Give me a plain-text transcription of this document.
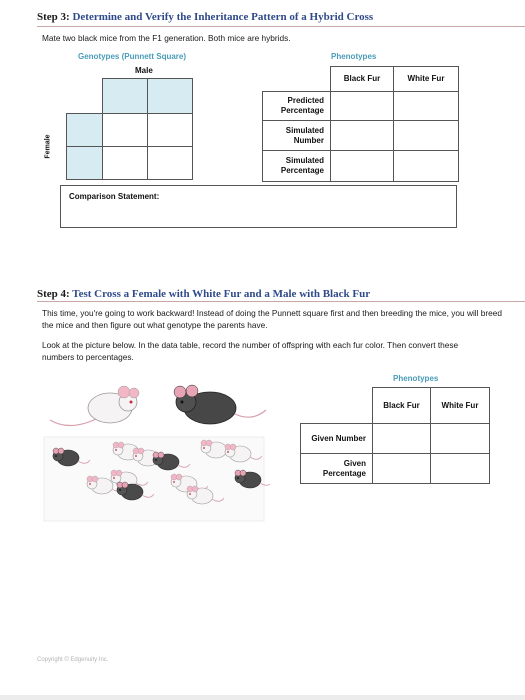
Step 3: Determine and Verify the Inheritance Pattern of a Hybrid Cross
Mate two black mice from the F1 generation. Both mice are hybrids.
Genotypes (Punnett Square)
Male
Female
Phenotypes
Black Fur	White Fur
Predicted Percentage
Simulated Number
Simulated Percentage
Comparison Statement:
Step 4: Test Cross a Female with White Fur and a Male with Black Fur
This time, you're going to work backward! Instead of doing the Punnett square first and then breeding the mice, you will breed the mice and then figure out what genotype the parents have.
Look at the picture below. In the data table, record the number of offspring with each fur color. Then convert these numbers to percentages.
Phenotypes
Black Fur	White Fur
Given Number
Given Percentage
Copyright © Edgenuity Inc.
